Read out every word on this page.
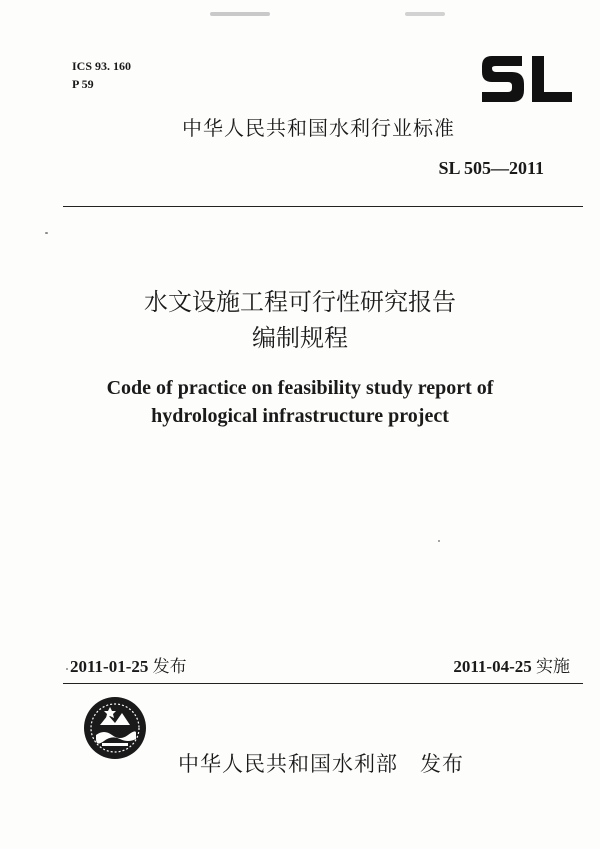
ICS 93. 160
P 59
中华人民共和国水利行业标准
SL 505—2011
水文设施工程可行性研究报告
编制规程
Code of practice on feasibility study report of
hydrological infrastructure project
2011-01-25 发布	2011-04-25 实施
中华人民共和国水利部 发布
